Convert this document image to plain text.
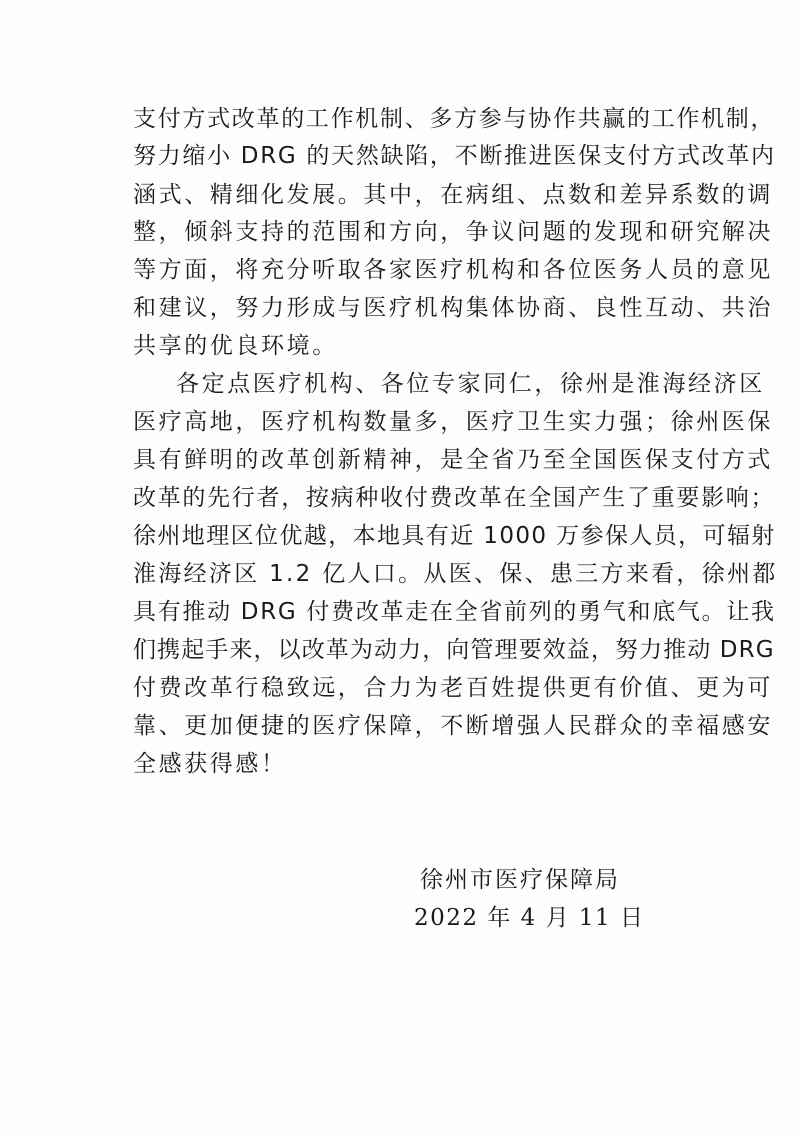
支付方式改革的工作机制、多方参与协作共赢的工作机制，
努力缩小 DRG 的天然缺陷，不断推进医保支付方式改革内
涵式、精细化发展。其中，在病组、点数和差异系数的调
整，倾斜支持的范围和方向，争议问题的发现和研究解决
等方面，将充分听取各家医疗机构和各位医务人员的意见
和建议，努力形成与医疗机构集体协商、良性互动、共治
共享的优良环境。
各定点医疗机构、各位专家同仁，徐州是淮海经济区
医疗高地，医疗机构数量多，医疗卫生实力强；徐州医保
具有鲜明的改革创新精神，是全省乃至全国医保支付方式
改革的先行者，按病种收付费改革在全国产生了重要影响；
徐州地理区位优越，本地具有近 1000 万参保人员，可辐射
淮海经济区 1.2 亿人口。从医、保、患三方来看，徐州都
具有推动 DRG 付费改革走在全省前列的勇气和底气。让我
们携起手来，以改革为动力，向管理要效益，努力推动 DRG
付费改革行稳致远，合力为老百姓提供更有价值、更为可
靠、更加便捷的医疗保障，不断增强人民群众的幸福感安
全感获得感！
徐州市医疗保障局
2022 年 4 月 11 日
